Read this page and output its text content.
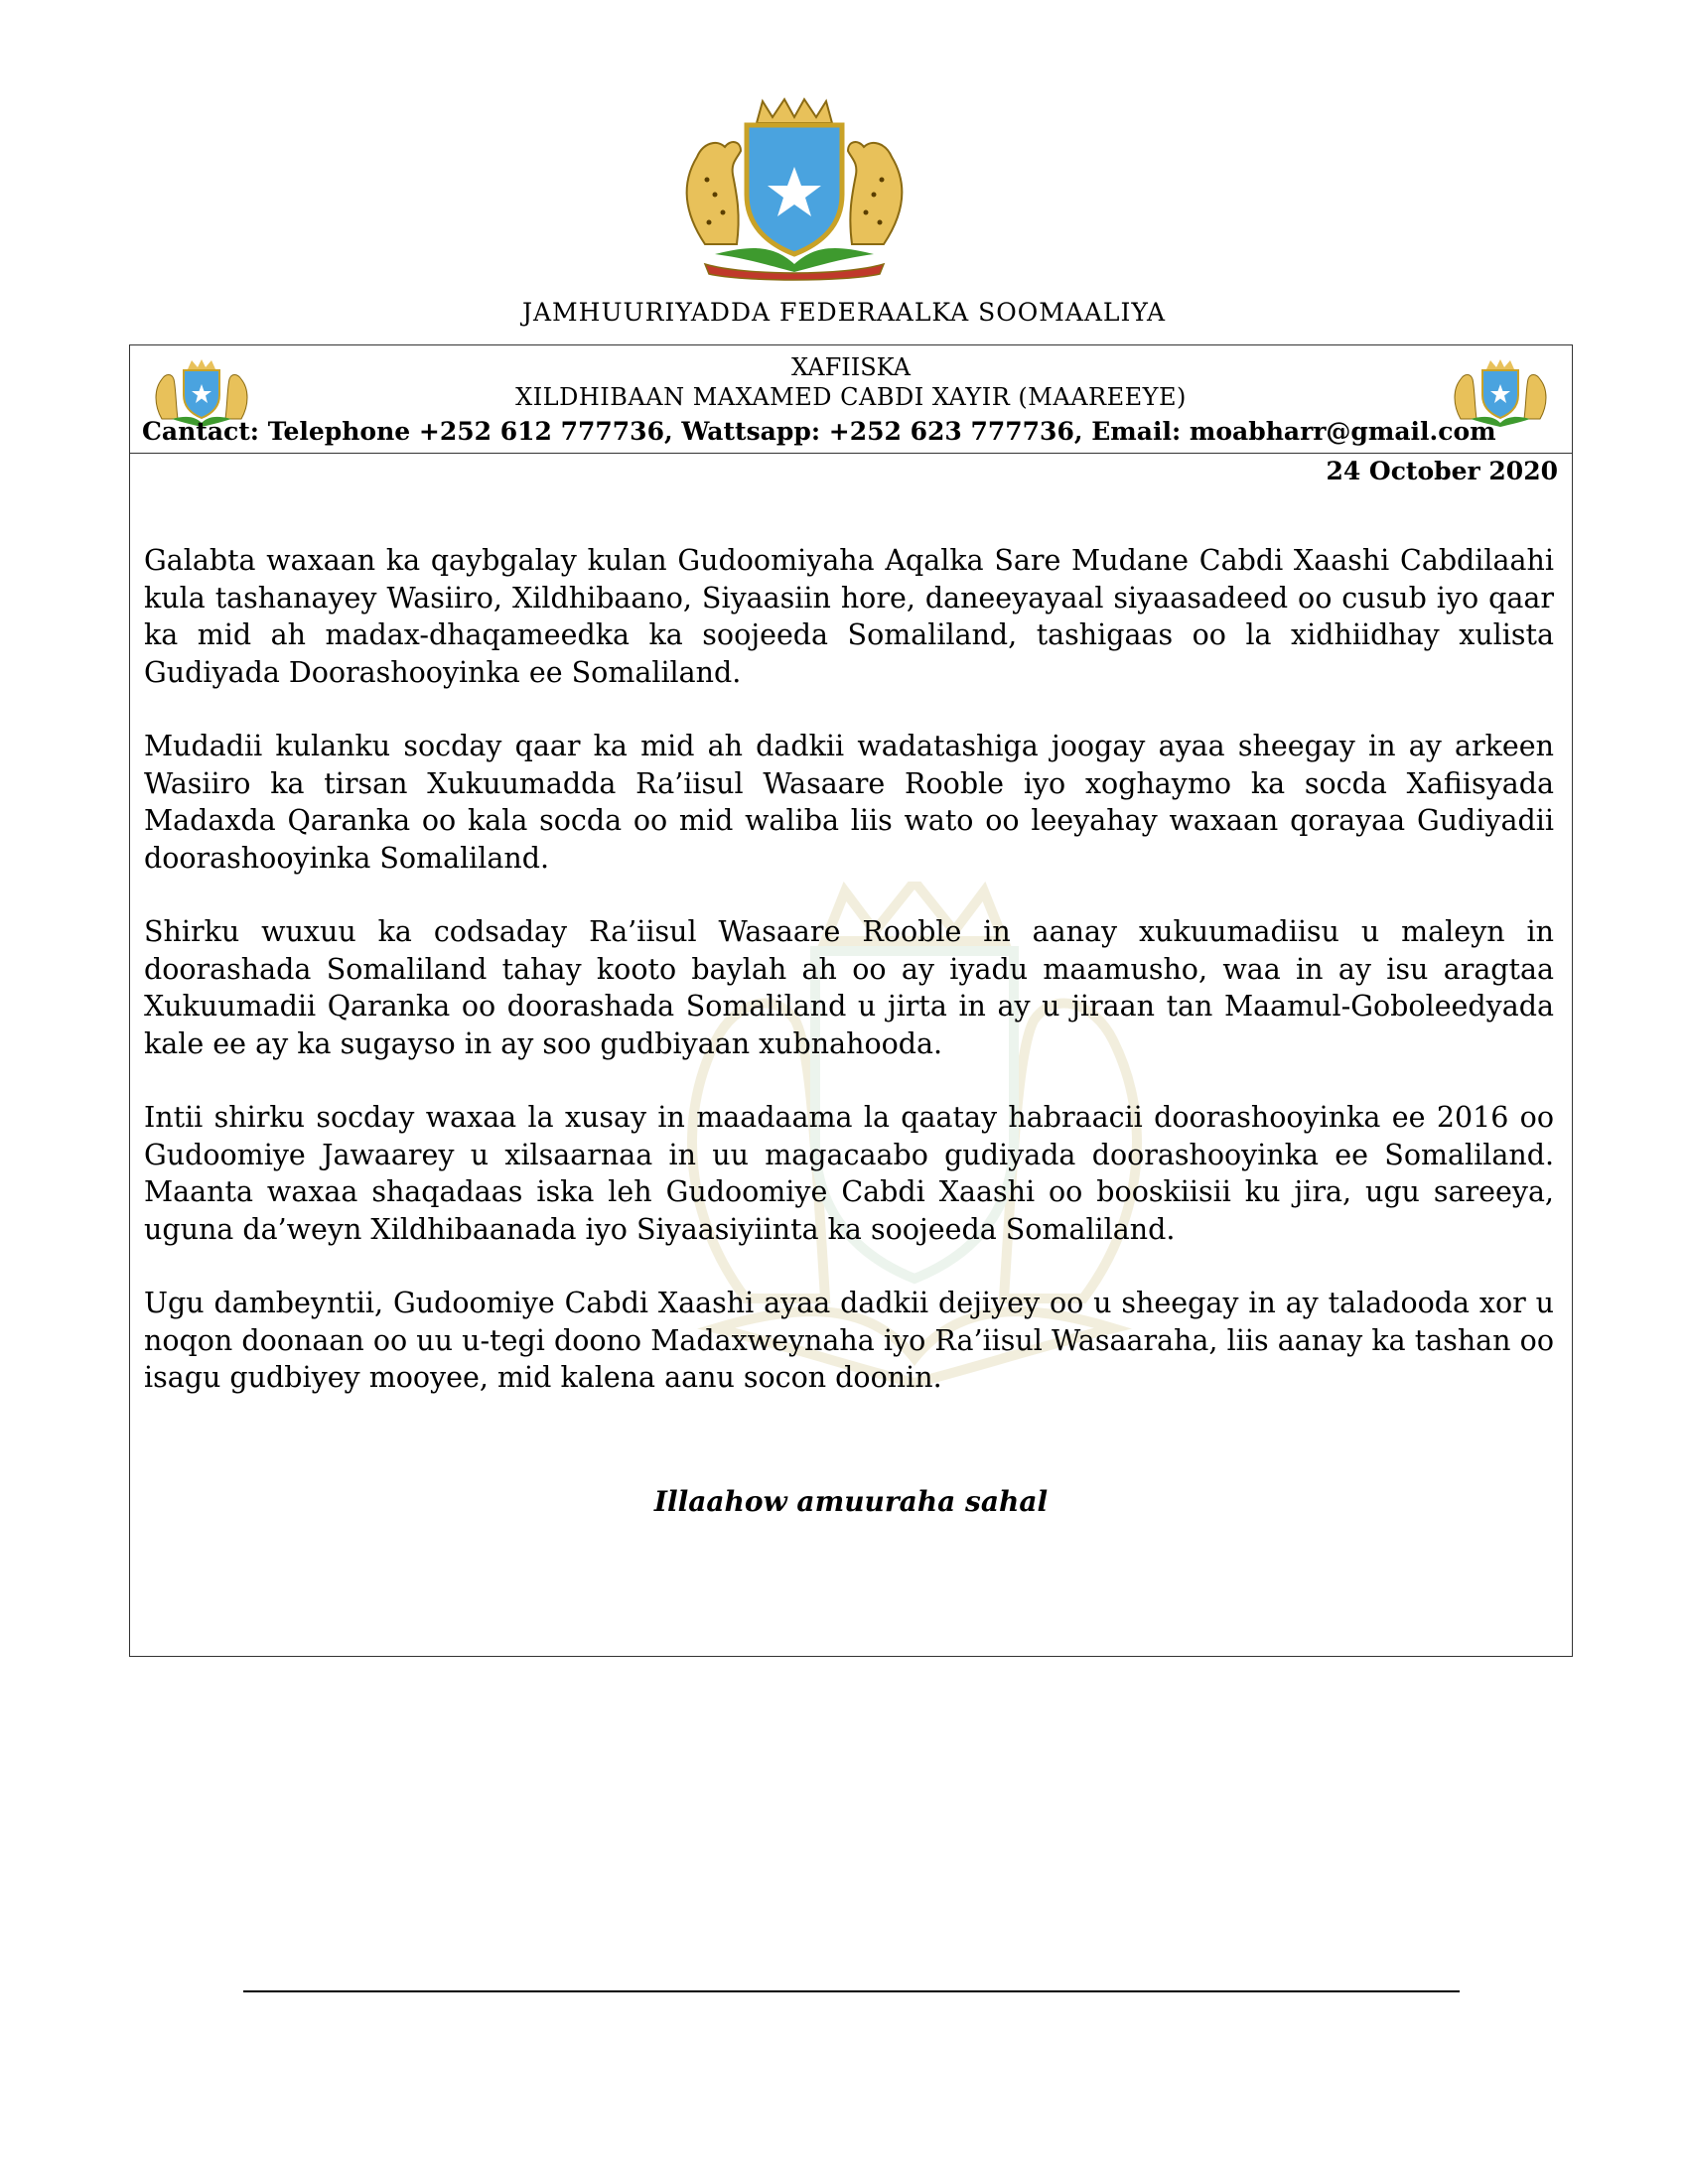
JAMHUURIYADDA FEDERAALKA SOOMAALIYA
XAFIISKA
XILDHIBAAN MAXAMED CABDI XAYIR (MAAREEYE)
Cantact: Telephone +252 612 777736, Wattsapp: +252 623 777736, Email: moabharr@gmail.com
24 October 2020

Galabta waxaan ka qaybgalay kulan Gudoomiyaha Aqalka Sare Mudane Cabdi Xaashi Cabdilaahi kula tashanayey Wasiiro, Xildhibaano, Siyaasiin hore, daneeyayaal siyaasadeed oo cusub iyo qaar ka mid ah madax-dhaqameedka ka soojeeda Somaliland, tashigaas oo la xidhiidhay xulista Gudiyada Doorashooyinka ee Somaliland.

Mudadii kulanku socday qaar ka mid ah dadkii wadatashiga joogay ayaa sheegay in ay arkeen Wasiiro ka tirsan Xukuumadda Ra’iisul Wasaare Rooble iyo xoghaymo ka socda Xafiisyada Madaxda Qaranka oo kala socda oo mid waliba liis wato oo leeyahay waxaan qorayaa Gudiyadii doorashooyinka Somaliland.

Shirku wuxuu ka codsaday Ra’iisul Wasaare Rooble in aanay xukuumadiisu u maleyn in doorashada Somaliland tahay kooto baylah ah oo ay iyadu maamusho, waa in ay isu aragtaa Xukuumadii Qaranka oo doorashada Somaliland u jirta in ay u jiraan tan Maamul-Goboleedyada kale ee ay ka sugayso in ay soo gudbiyaan xubnahooda.

Intii shirku socday waxaa la xusay in maadaama la qaatay habraacii doorashooyinka ee 2016 oo Gudoomiye Jawaarey u xilsaarnaa in uu magacaabo gudiyada doorashooyinka ee Somaliland. Maanta waxaa shaqadaas iska leh Gudoomiye Cabdi Xaashi oo booskiisii ku jira, ugu sareeya, uguna da’weyn Xildhibaanada iyo Siyaasiyiinta ka soojeeda Somaliland.

Ugu dambeyntii, Gudoomiye Cabdi Xaashi ayaa dadkii dejiyey oo u sheegay in ay taladooda xor u noqon doonaan oo uu u-tegi doono Madaxweynaha iyo Ra’iisul Wasaaraha, liis aanay ka tashan oo isagu gudbiyey mooyee, mid kalena aanu socon doonin.

Illaahow amuuraha sahal
